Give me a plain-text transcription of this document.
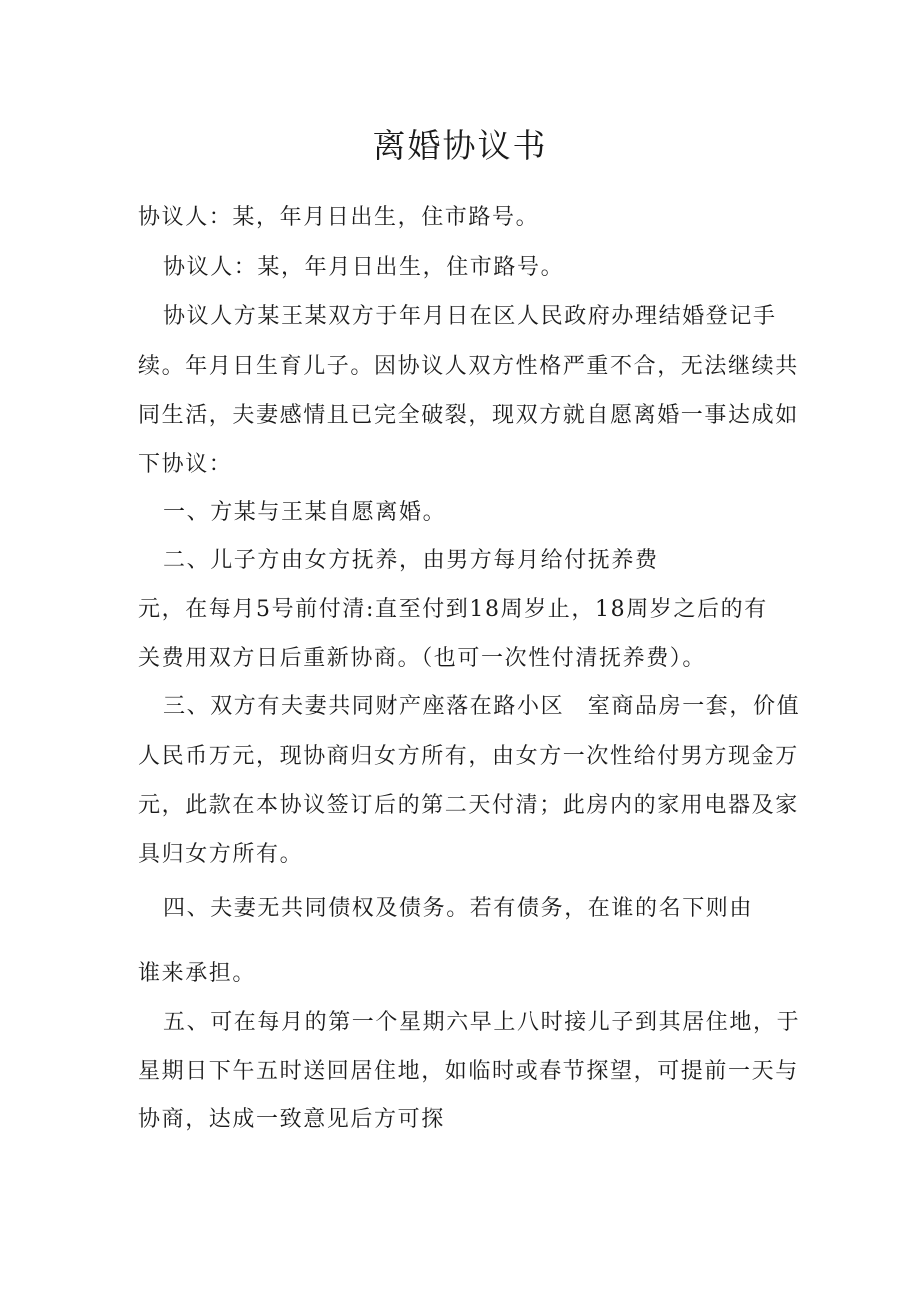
离婚协议书
协议人：某，年月日出生，住市路号。
协议人：某，年月日出生，住市路号。
协议人方某王某双方于年月日在区人民政府办理结婚登记手
续。年月日生育儿子。因协议人双方性格严重不合，无法继续共
同生活，夫妻感情且已完全破裂，现双方就自愿离婚一事达成如
下协议：
一、方某与王某自愿离婚。
二、儿子方由女方抚养，由男方每月给付抚养费
元，在每月5号前付清:直至付到18周岁止，18周岁之后的有
关费用双方日后重新协商。（也可一次性付清抚养费）。
三、双方有夫妻共同财产座落在路小区　室商品房一套，价值
人民币万元，现协商归女方所有，由女方一次性给付男方现金万
元，此款在本协议签订后的第二天付清；此房内的家用电器及家
具归女方所有。
四、夫妻无共同债权及债务。若有债务，在谁的名下则由
谁来承担。
五、可在每月的第一个星期六早上八时接儿子到其居住地，于
星期日下午五时送回居住地，如临时或春节探望，可提前一天与
协商，达成一致意见后方可探
